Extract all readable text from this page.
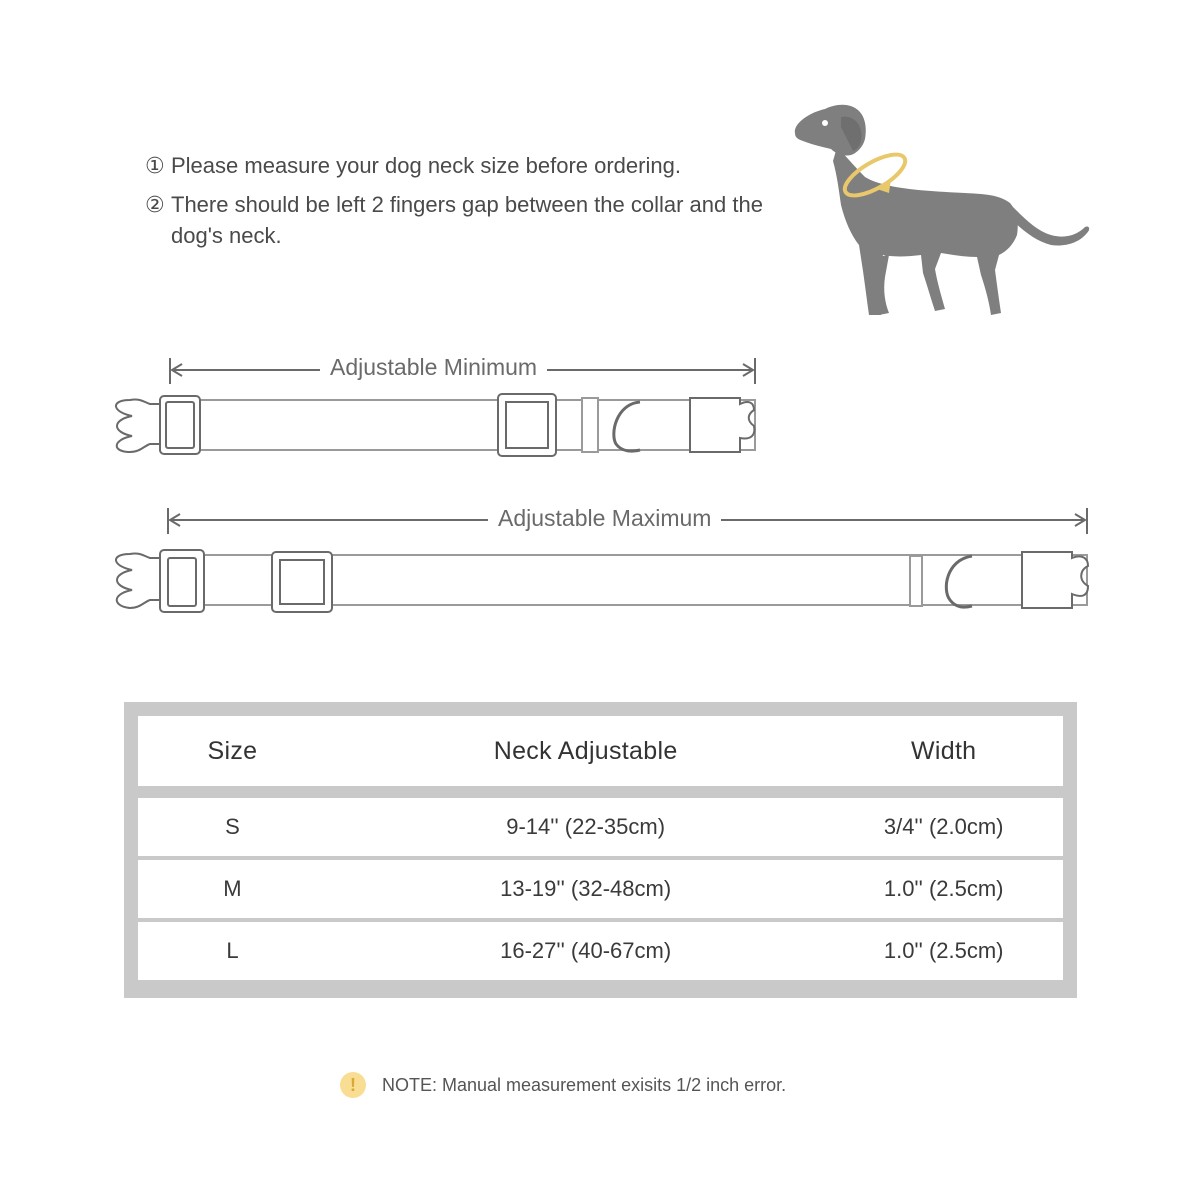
① Please measure your dog neck size before ordering.
② There should be left 2 fingers gap between the collar and the dog's neck.
Adjustable Minimum
Adjustable Maximum
Size	Neck Adjustable	Width
S	9-14'' (22-35cm)	3/4'' (2.0cm)
M	13-19'' (32-48cm)	1.0'' (2.5cm)
L	16-27'' (40-67cm)	1.0'' (2.5cm)
!	NOTE: Manual measurement exisits 1/2 inch error.
